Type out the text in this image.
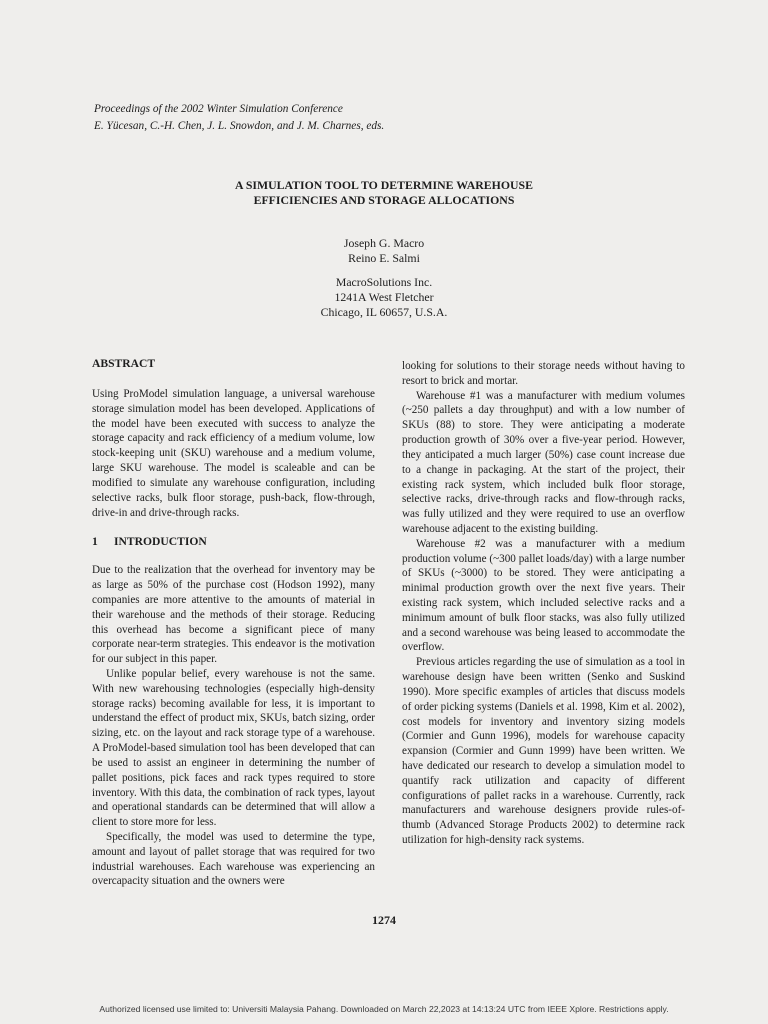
Proceedings of the 2002 Winter Simulation Conference
E. Yücesan, C.-H. Chen, J. L. Snowdon, and J. M. Charnes, eds.
A SIMULATION TOOL TO DETERMINE WAREHOUSE
EFFICIENCIES AND STORAGE ALLOCATIONS
Joseph G. Macro
Reino E. Salmi
MacroSolutions Inc.
1241A West Fletcher
Chicago, IL 60657, U.S.A.
ABSTRACT

Using ProModel simulation language, a universal warehouse storage simulation model has been developed. Applications of the model have been executed with success to analyze the storage capacity and rack efficiency of a medium volume, low stock-keeping unit (SKU) warehouse and a medium volume, large SKU warehouse. The model is scaleable and can be modified to simulate any warehouse configuration, including selective racks, bulk floor storage, push-back, flow-through, drive-in and drive-through racks.

1 INTRODUCTION

Due to the realization that the overhead for inventory may be as large as 50% of the purchase cost (Hodson 1992), many companies are more attentive to the amounts of material in their warehouse and the methods of their storage. Reducing this overhead has become a significant piece of many corporate near-term strategies. This endeavor is the motivation for our subject in this paper.

Unlike popular belief, every warehouse is not the same. With new warehousing technologies (especially high-density storage racks) becoming available for less, it is important to understand the effect of product mix, SKUs, batch sizing, order sizing, etc. on the layout and rack storage type of a warehouse. A ProModel-based simulation tool has been developed that can be used to assist an engineer in determining the number of pallet positions, pick faces and rack types required to store inventory. With this data, the combination of rack types, layout and operational standards can be determined that will allow a client to store more for less.

Specifically, the model was used to determine the type, amount and layout of pallet storage that was required for two industrial warehouses. Each warehouse was experiencing an overcapacity situation and the owners were

looking for solutions to their storage needs without having to resort to brick and mortar.

Warehouse #1 was a manufacturer with medium volumes (~250 pallets a day throughput) and with a low number of SKUs (88) to store. They were anticipating a moderate production growth of 30% over a five-year period. However, they anticipated a much larger (50%) case count increase due to a change in packaging. At the start of the project, their existing rack system, which included bulk floor storage, selective racks, drive-through racks and flow-through racks, was fully utilized and they were required to use an overflow warehouse adjacent to the existing building.

Warehouse #2 was a manufacturer with a medium production volume (~300 pallet loads/day) with a large number of SKUs (~3000) to be stored. They were anticipating a minimal production growth over the next five years. Their existing rack system, which included selective racks and a minimum amount of bulk floor stacks, was also fully utilized and a second warehouse was being leased to accommodate the overflow.

Previous articles regarding the use of simulation as a tool in warehouse design have been written (Senko and Suskind 1990). More specific examples of articles that discuss models of order picking systems (Daniels et al. 1998, Kim et al. 2002), cost models for inventory and inventory sizing models (Cormier and Gunn 1996), models for warehouse capacity expansion (Cormier and Gunn 1999) have been written. We have dedicated our research to develop a simulation model to quantify rack utilization and capacity of different configurations of pallet racks in a warehouse. Currently, rack manufacturers and warehouse designers provide rules-of-thumb (Advanced Storage Products 2002) to determine rack utilization for high-density rack systems.

1274
Authorized licensed use limited to: Universiti Malaysia Pahang. Downloaded on March 22,2023 at 14:13:24 UTC from IEEE Xplore. Restrictions apply.
